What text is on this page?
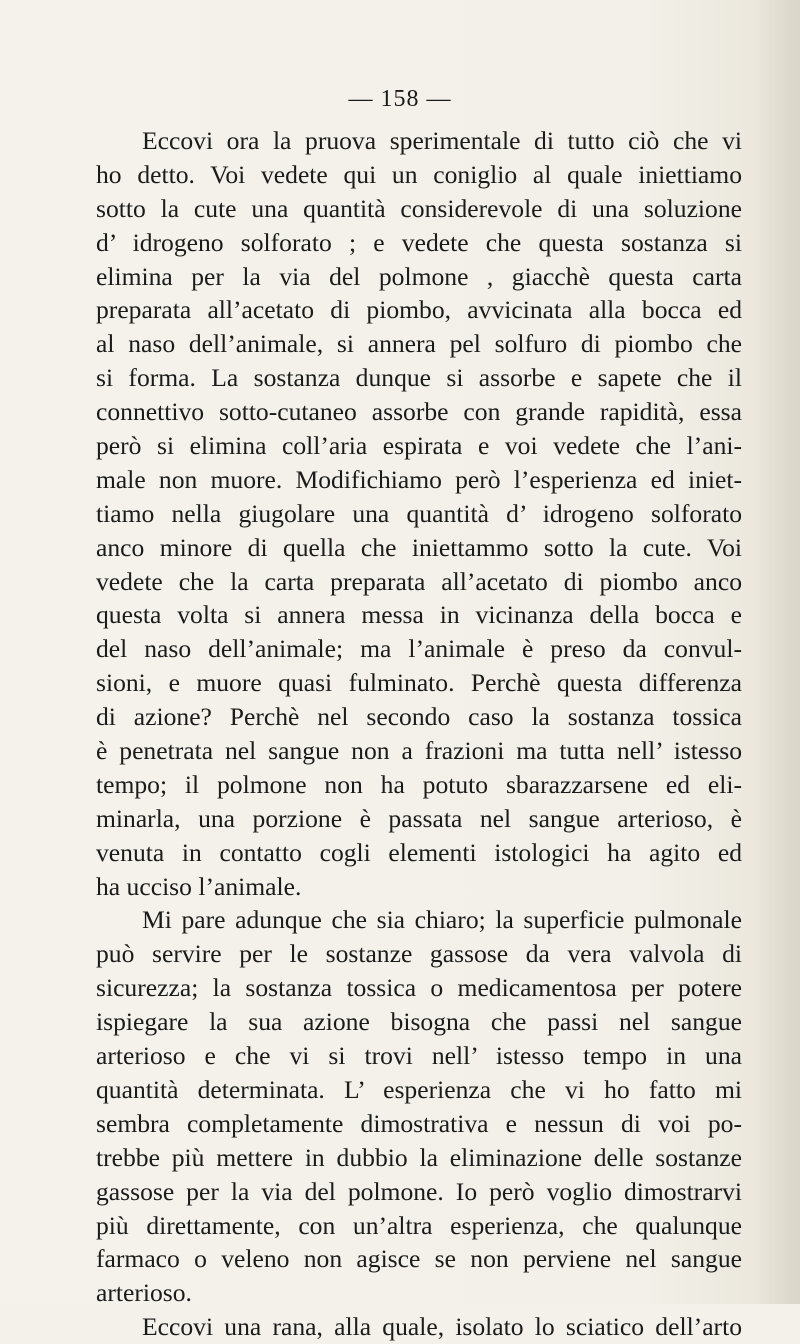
— 158 —
Eccovi ora la pruova sperimentale di tutto ciò che vi
ho detto. Voi vedete qui un coniglio al quale iniettiamo
sotto la cute una quantità considerevole di una soluzione
d’ idrogeno solforato ; e vedete che questa sostanza si
elimina per la via del polmone , giacchè questa carta
preparata all’acetato di piombo, avvicinata alla bocca ed
al naso dell’animale, si annera pel solfuro di piombo che
si forma. La sostanza dunque si assorbe e sapete che il
connettivo sotto-cutaneo assorbe con grande rapidità, essa
però si elimina coll’aria espirata e voi vedete che l’ani-
male non muore. Modifichiamo però l’esperienza ed iniet-
tiamo nella giugolare una quantità d’ idrogeno solforato
anco minore di quella che iniettammo sotto la cute. Voi
vedete che la carta preparata all’acetato di piombo anco
questa volta si annera messa in vicinanza della bocca e
del naso dell’animale; ma l’animale è preso da convul-
sioni, e muore quasi fulminato. Perchè questa differenza
di azione? Perchè nel secondo caso la sostanza tossica
è penetrata nel sangue non a frazioni ma tutta nell’ istesso
tempo; il polmone non ha potuto sbarazzarsene ed eli-
minarla, una porzione è passata nel sangue arterioso, è
venuta in contatto cogli elementi istologici ha agito ed
ha ucciso l’animale.
Mi pare adunque che sia chiaro; la superficie pulmonale
può servire per le sostanze gassose da vera valvola di
sicurezza; la sostanza tossica o medicamentosa per potere
ispiegare la sua azione bisogna che passi nel sangue
arterioso e che vi si trovi nell’ istesso tempo in una
quantità determinata. L’ esperienza che vi ho fatto mi
sembra completamente dimostrativa e nessun di voi po-
trebbe più mettere in dubbio la eliminazione delle sostanze
gassose per la via del polmone. Io però voglio dimostrarvi
più direttamente, con un’altra esperienza, che qualunque
farmaco o veleno non agisce se non perviene nel sangue
arterioso.
Eccovi una rana, alla quale, isolato lo sciatico dell’arto
